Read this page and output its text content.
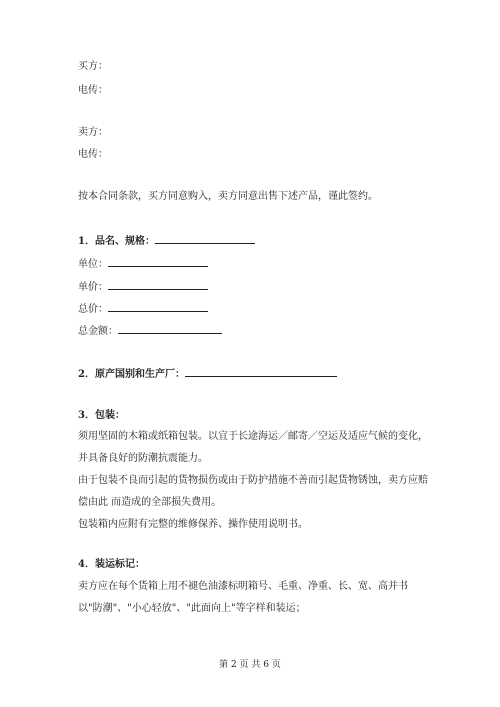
买方：
电传：
卖方：
电传：
按本合同条款，买方同意购入，卖方同意出售下述产品，谨此签约。
1．品名、规格：
单位：
单价：
总价：
总金额：
2．原产国别和生产厂：
3．包装：
须用坚固的木箱或纸箱包装。以宜于长途海运／邮寄／空运及适应气候的变化，并具备良好的防潮抗震能力。
由于包装不良而引起的货物损伤或由于防护措施不善而引起货物锈蚀，卖方应赔偿由此 而造成的全部损失费用。
包装箱内应附有完整的维修保养、操作使用说明书。
4．装运标记：
卖方应在每个货箱上用不褪色油漆标明箱号、毛重、净重、长、宽、高并书以"防潮"、"小心轻放"、"此面向上"等字样和装运；
第 2 页 共 6 页
